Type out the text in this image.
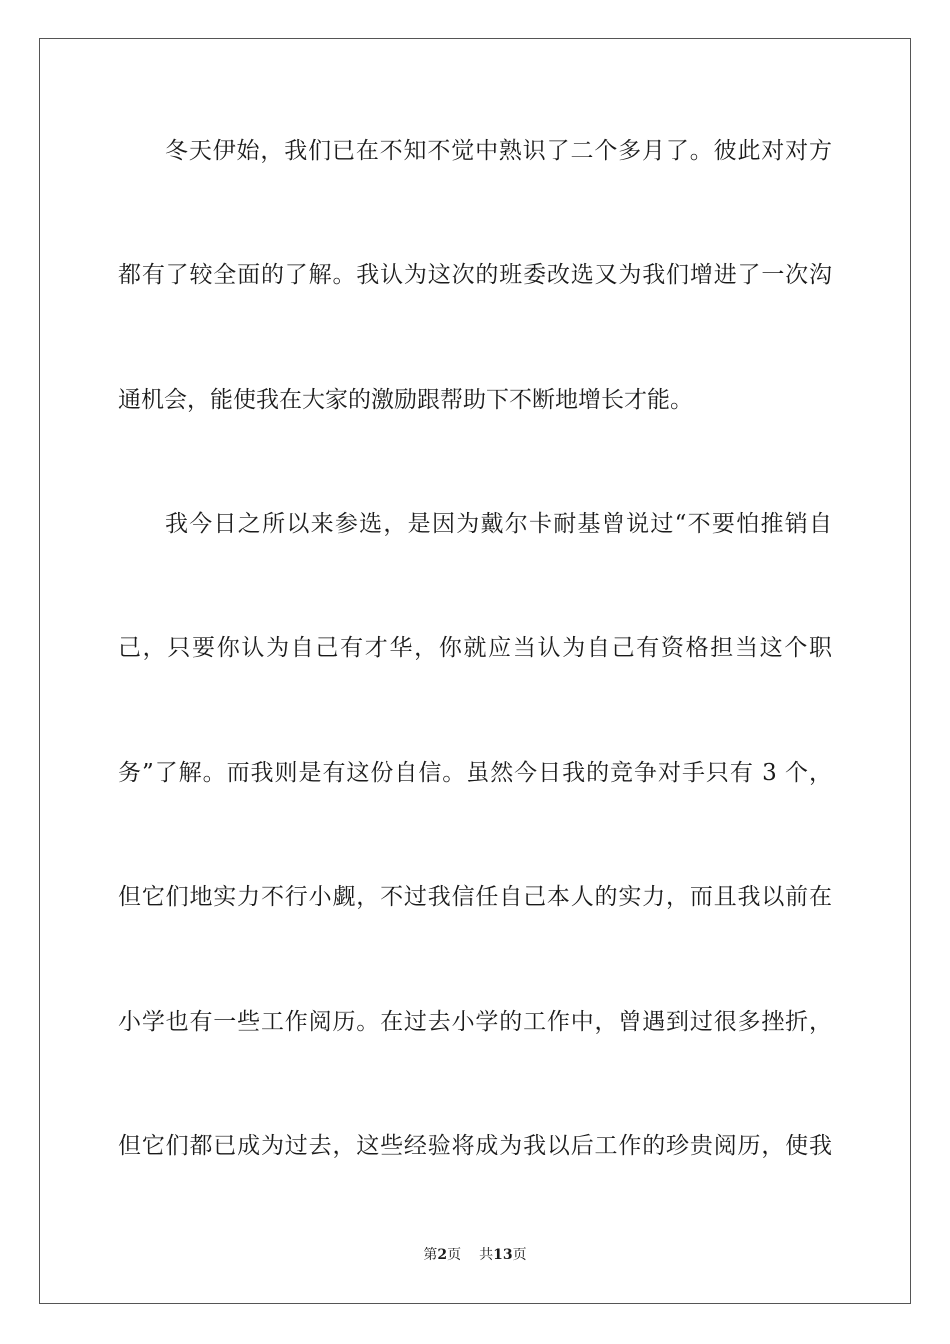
冬天伊始，我们已在不知不觉中熟识了二个多月了。彼此对对方
都有了较全面的了解。我认为这次的班委改选又为我们增进了一次沟
通机会，能使我在大家的激励跟帮助下不断地增长才能。
我今日之所以来参选，是因为戴尔卡耐基曾说过“不要怕推销自
己，只要你认为自己有才华，你就应当认为自己有资格担当这个职
务”了解。而我则是有这份自信。虽然今日我的竞争对手只有 3 个，
但它们地实力不行小觑，不过我信任自己本人的实力，而且我以前在
小学也有一些工作阅历。在过去小学的工作中，曾遇到过很多挫折，
但它们都已成为过去，这些经验将成为我以后工作的珍贵阅历，使我
第2页 共13页
